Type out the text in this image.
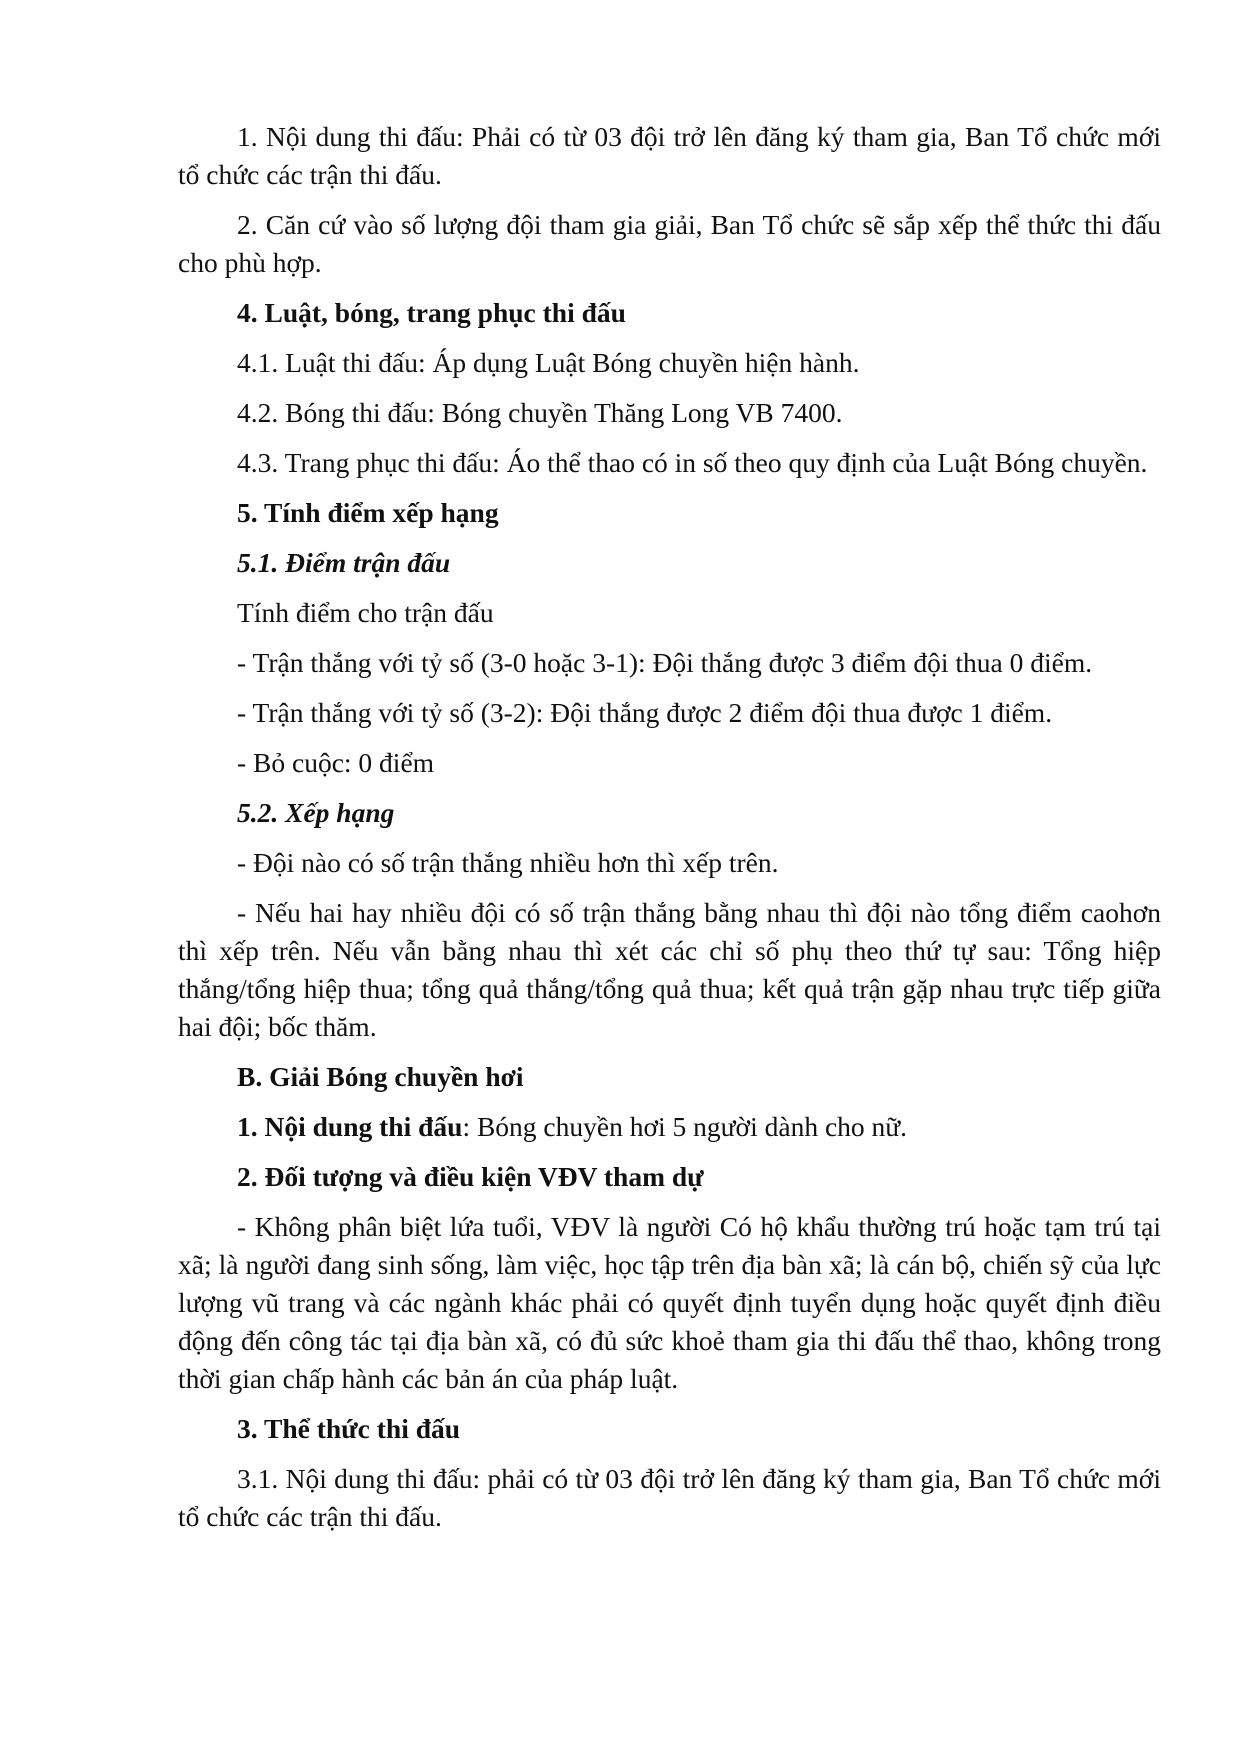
1. Nội dung thi đấu: Phải có từ 03 đội trở lên đăng ký tham gia, Ban Tổ chức mới tổ chức các trận thi đấu.

2. Căn cứ vào số lượng đội tham gia giải, Ban Tổ chức sẽ sắp xếp thể thức thi đấu cho phù hợp.

4. Luật, bóng, trang phục thi đấu

4.1. Luật thi đấu: Áp dụng Luật Bóng chuyền hiện hành.

4.2. Bóng thi đấu: Bóng chuyền Thăng Long VB 7400.

4.3. Trang phục thi đấu: Áo thể thao có in số theo quy định của Luật Bóng chuyền.

5. Tính điểm xếp hạng

5.1. Điểm trận đấu

Tính điểm cho trận đấu

- Trận thắng với tỷ số (3-0 hoặc 3-1): Đội thắng được 3 điểm đội thua 0 điểm.

- Trận thắng với tỷ số (3-2): Đội thắng được 2 điểm đội thua được 1 điểm.

- Bỏ cuộc: 0 điểm

5.2. Xếp hạng

- Đội nào có số trận thắng nhiều hơn thì xếp trên.

- Nếu hai hay nhiều đội có số trận thắng bằng nhau thì đội nào tổng điểm caohơn thì xếp trên. Nếu vẫn bằng nhau thì xét các chỉ số phụ theo thứ tự sau: Tổng hiệp thắng/tổng hiệp thua; tổng quả thắng/tổng quả thua; kết quả trận gặp nhau trực tiếp giữa hai đội; bốc thăm.

B. Giải Bóng chuyền hơi

1. Nội dung thi đấu: Bóng chuyền hơi 5 người dành cho nữ.

2. Đối tượng và điều kiện VĐV tham dự

- Không phân biệt lứa tuổi, VĐV là người Có hộ khẩu thường trú hoặc tạm trú tại xã; là người đang sinh sống, làm việc, học tập trên địa bàn xã; là cán bộ, chiến sỹ của lực lượng vũ trang và các ngành khác phải có quyết định tuyển dụng hoặc quyết định điều động đến công tác tại địa bàn xã, có đủ sức khoẻ tham gia thi đấu thể thao, không trong thời gian chấp hành các bản án của pháp luật.

3. Thể thức thi đấu

3.1. Nội dung thi đấu: phải có từ 03 đội trở lên đăng ký tham gia, Ban Tổ chức mới tổ chức các trận thi đấu.
